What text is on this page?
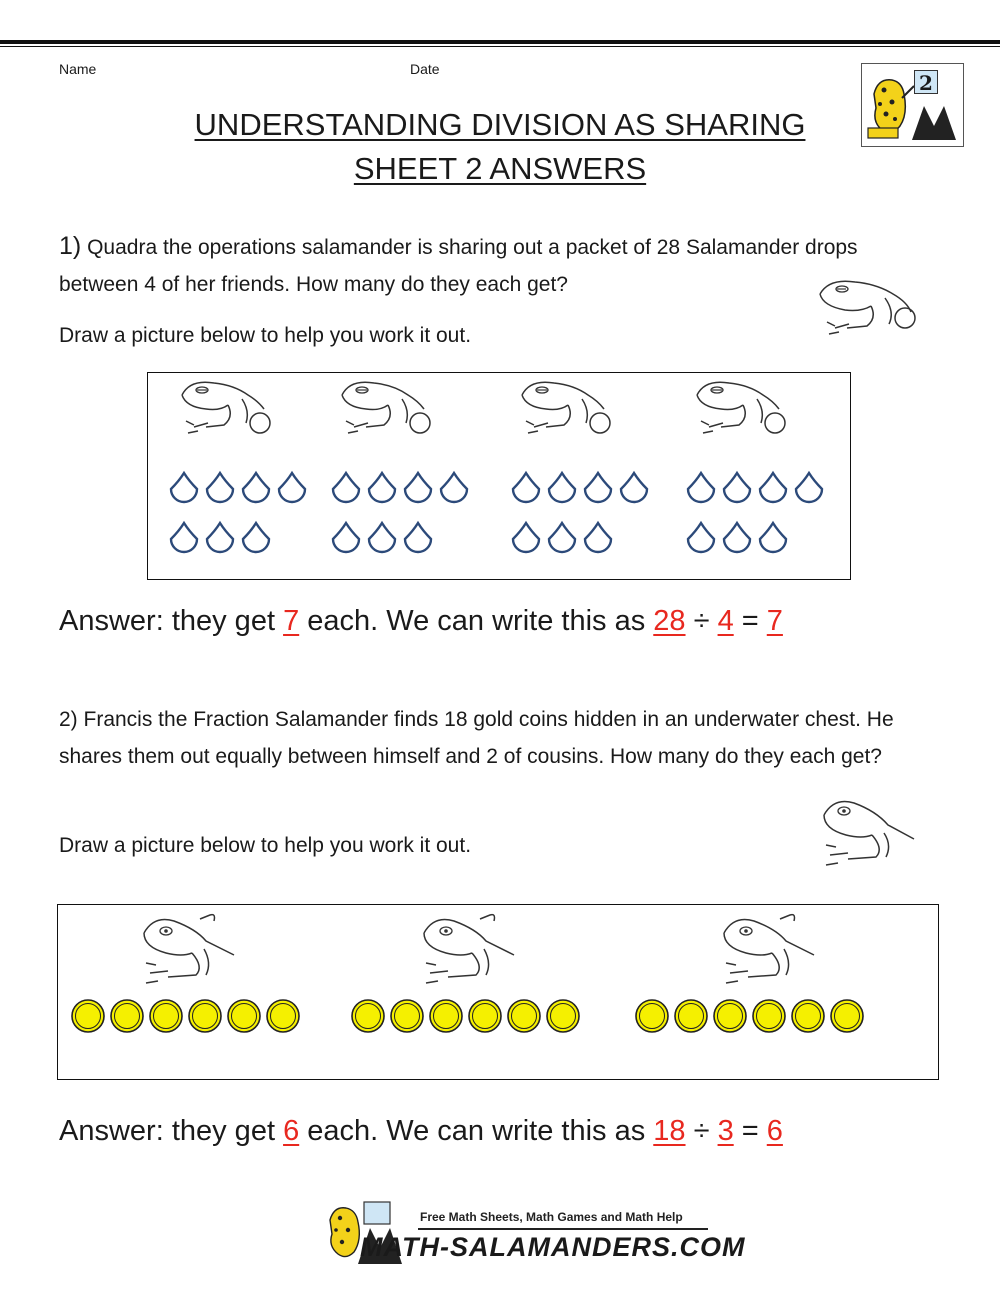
Name	Date
2
UNDERSTANDING DIVISION AS SHARING
SHEET 2 ANSWERS
1) Quadra the operations salamander is sharing out a packet of 28 Salamander drops between 4 of her friends. How many do they each get?
Draw a picture below to help you work it out.
Answer: they get 7 each. We can write this as 28 ÷ 4 = 7
2) Francis the Fraction Salamander finds 18 gold coins hidden in an underwater chest. He shares them out equally between himself and 2 of cousins. How many do they each get?
Draw a picture below to help you work it out.
Answer: they get 6 each. We can write this as 18 ÷ 3 = 6
Free Math Sheets, Math Games and Math Help
MATH-SALAMANDERS.COM
